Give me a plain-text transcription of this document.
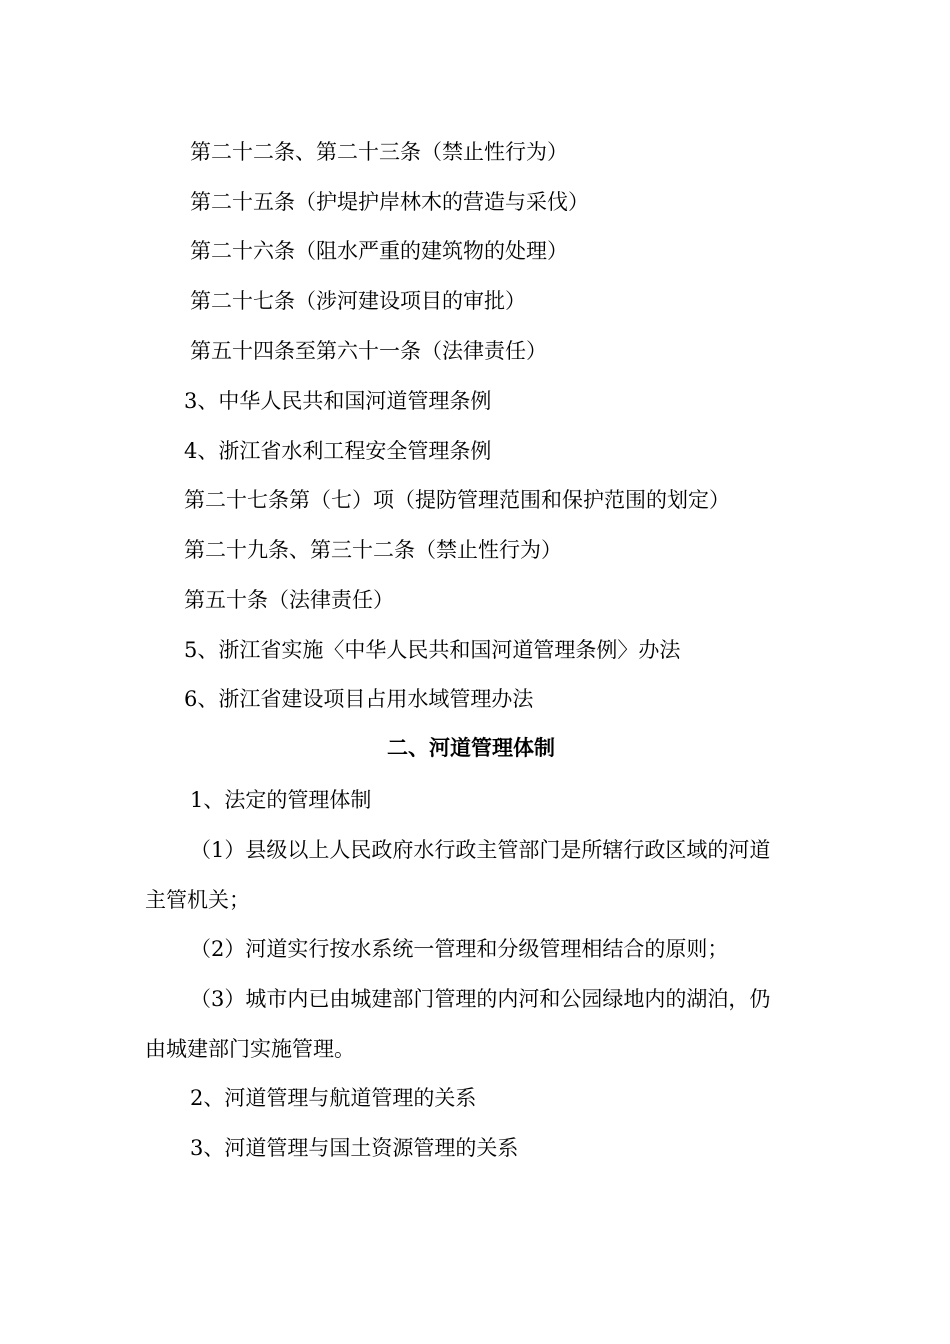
第二十二条、第二十三条（禁止性行为）
第二十五条（护堤护岸林木的营造与采伐）
第二十六条（阻水严重的建筑物的处理）
第二十七条（涉河建设项目的审批）
第五十四条至第六十一条（法律责任）
3、中华人民共和国河道管理条例
4、浙江省水利工程安全管理条例
第二十七条第（七）项（提防管理范围和保护范围的划定）
第二十九条、第三十二条（禁止性行为）
第五十条（法律责任）
5、浙江省实施〈中华人民共和国河道管理条例〉办法
6、浙江省建设项目占用水域管理办法
二、河道管理体制
1、法定的管理体制
（1）县级以上人民政府水行政主管部门是所辖行政区域的河道
主管机关；
（2）河道实行按水系统一管理和分级管理相结合的原则；
（3）城市内已由城建部门管理的内河和公园绿地内的湖泊，仍
由城建部门实施管理。
2、河道管理与航道管理的关系
3、河道管理与国土资源管理的关系
